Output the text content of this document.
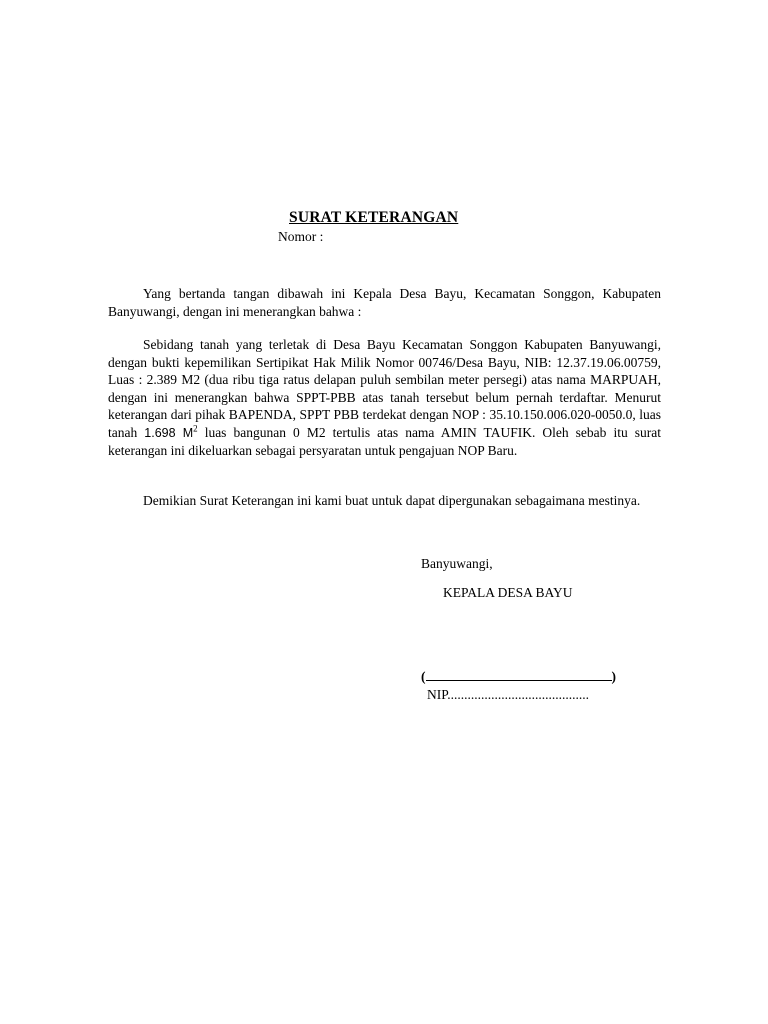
SURAT KETERANGAN
Nomor :

Yang bertanda tangan dibawah ini Kepala Desa Bayu, Kecamatan Songgon, Kabupaten Banyuwangi, dengan ini menerangkan bahwa :

Sebidang tanah yang terletak di Desa Bayu Kecamatan Songgon Kabupaten Banyuwangi, dengan bukti kepemilikan Sertipikat Hak Milik Nomor 00746/Desa Bayu, NIB: 12.37.19.06.00759, Luas : 2.389 M2 (dua ribu tiga ratus delapan puluh sembilan meter persegi) atas nama MARPUAH, dengan ini menerangkan bahwa SPPT-PBB atas tanah tersebut belum pernah terdaftar. Menurut keterangan dari pihak BAPENDA, SPPT PBB terdekat dengan NOP : 35.10.150.006.020-0050.0, luas tanah 1.698 $M^2$ luas bangunan 0 M2 tertulis atas nama AMIN TAUFIK. Oleh sebab itu surat keterangan ini dikeluarkan sebagai persyaratan untuk pengajuan NOP Baru.

Demikian Surat Keterangan ini kami buat untuk dapat dipergunakan sebagaimana mestinya.

Banyuwangi,
KEPALA DESA BAYU
(	)
NIP..........................................
